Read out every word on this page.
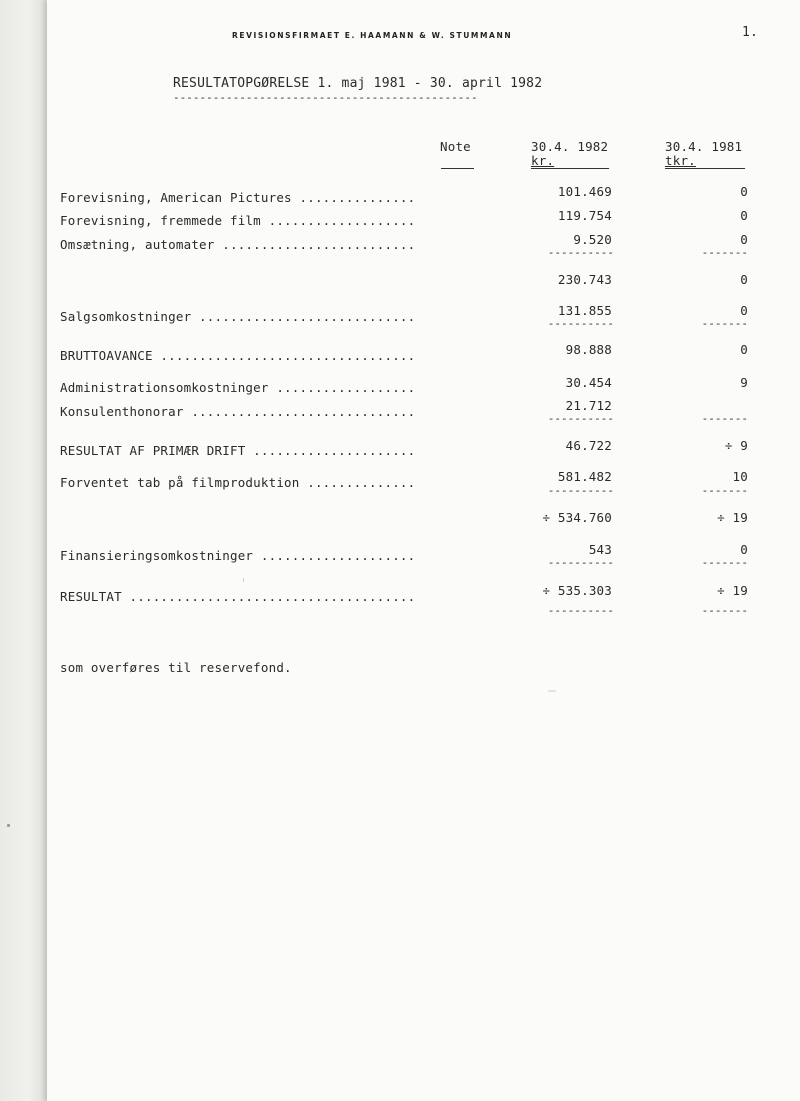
REVISIONSFIRMAET E. HAAMANN & W. STUMMANN	1.
RESULTATOPGØRELSE 1. maj 1981 - 30. april 1982
----------------------------------------------
Note	30.4. 1982
kr.
30.4. 1981
tkr.
Forevisning, American Pictures ...............	101.469	0
Forevisning, fremmede film ...................	119.754	0
Omsætning, automater .........................	9.520	0
----------	-------
230.743	0
Salgsomkostninger ............................	131.855	0
----------	-------
BRUTTOAVANCE .................................	98.888	0
Administrationsomkostninger ..................	30.454	9
Konsulenthonorar .............................	21.712
----------	-------
RESULTAT AF PRIMÆR DRIFT .....................	46.722	÷ 9
Forventet tab på filmproduktion ..............	581.482	10
----------	-------
÷ 534.760	÷ 19
Finansieringsomkostninger ....................	543	0
----------	-------
RESULTAT .....................................	÷ 535.303	÷ 19
----------	-------
som overføres til reservefond.
